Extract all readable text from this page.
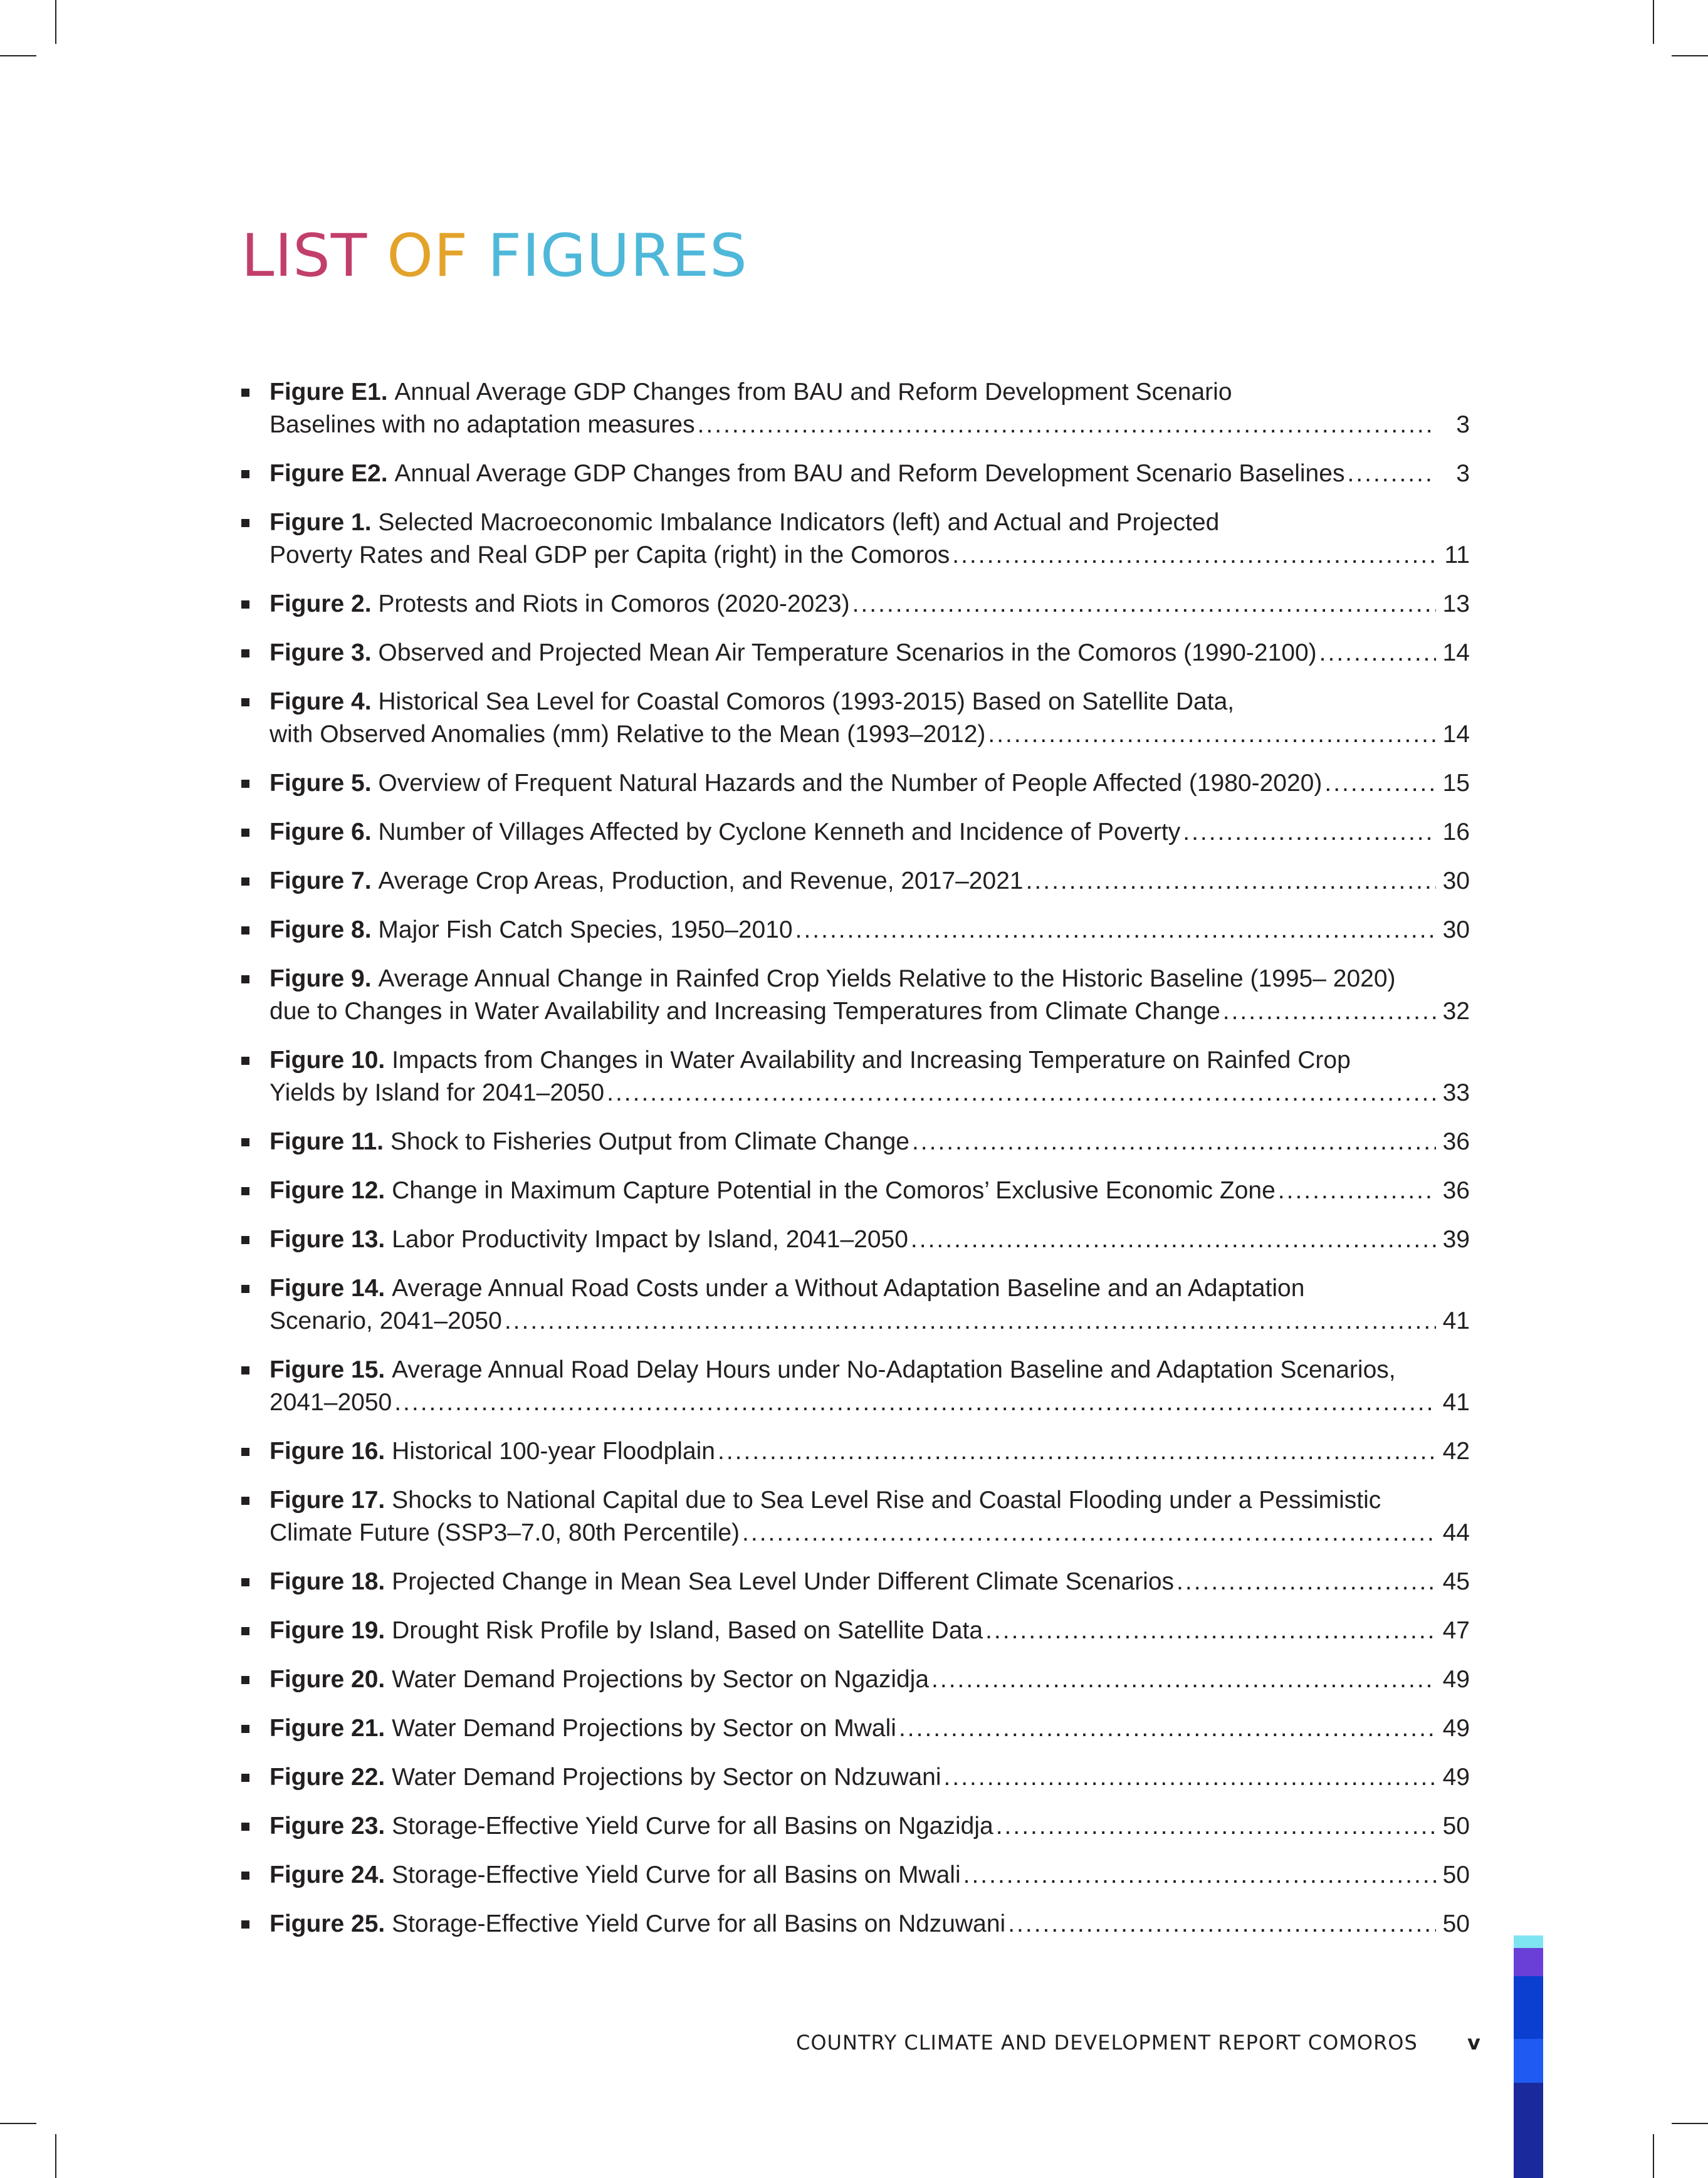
LIST OF FIGURES
Figure E1.
Annual Average GDP Changes from BAU and Reform Development Scenario
Baselines with no adaptation measures .....	3
Figure E2.
Annual Average GDP Changes from BAU and Reform Development Scenario Baselines .....	3
Figure 1.
Selected Macroeconomic Imbalance Indicators (left) and Actual and Projected
Poverty Rates and Real GDP per Capita (right) in the Comoros .....	11
Figure 2.
Protests and Riots in Comoros (2020-2023) .....	13
Figure 3.
Observed and Projected Mean Air Temperature Scenarios in the Comoros (1990-2100) .....	14
Figure 4.
Historical Sea Level for Coastal Comoros (1993-2015) Based on Satellite Data,
with Observed Anomalies (mm) Relative to the Mean (1993–2012) .....	14
Figure 5.
Overview of Frequent Natural Hazards and the Number of People Affected (1980-2020) .....	15
Figure 6.
Number of Villages Affected by Cyclone Kenneth and Incidence of Poverty .....	16
Figure 7.
Average Crop Areas, Production, and Revenue, 2017–2021 .....	30
Figure 8.
Major Fish Catch Species, 1950–2010 .....	30
Figure 9.
Average Annual Change in Rainfed Crop Yields Relative to the Historic Baseline (1995– 2020)
due to Changes in Water Availability and Increasing Temperatures from Climate Change .....	32
Figure 10.
Impacts from Changes in Water Availability and Increasing Temperature on Rainfed Crop
Yields by Island for 2041–2050 .....	33
Figure 11.
Shock to Fisheries Output from Climate Change .....	36
Figure 12.
Change in Maximum Capture Potential in the Comoros’ Exclusive Economic Zone .....	36
Figure 13.
Labor Productivity Impact by Island, 2041–2050 .....	39
Figure 14.
Average Annual Road Costs under a Without Adaptation Baseline and an Adaptation
Scenario, 2041–2050 .....	41
Figure 15.
Average Annual Road Delay Hours under No-Adaptation Baseline and Adaptation Scenarios,
2041–2050 .....	41
Figure 16.
Historical 100-year Floodplain .....	42
Figure 17.
Shocks to National Capital due to Sea Level Rise and Coastal Flooding under a Pessimistic
Climate Future (SSP3–7.0, 80th Percentile) .....	44
Figure 18.
Projected Change in Mean Sea Level Under Different Climate Scenarios .....	45
Figure 19.
Drought Risk Profile by Island, Based on Satellite Data .....	47
Figure 20.
Water Demand Projections by Sector on Ngazidja .....	49
Figure 21.
Water Demand Projections by Sector on Mwali .....	49
Figure 22.
Water Demand Projections by Sector on Ndzuwani .....	49
Figure 23.
Storage-Effective Yield Curve for all Basins on Ngazidja .....	50
Figure 24.
Storage-Effective Yield Curve for all Basins on Mwali .....	50
Figure 25.
Storage-Effective Yield Curve for all Basins on Ndzuwani .....	50
COUNTRY CLIMATE AND DEVELOPMENT REPORT COMOROS v
